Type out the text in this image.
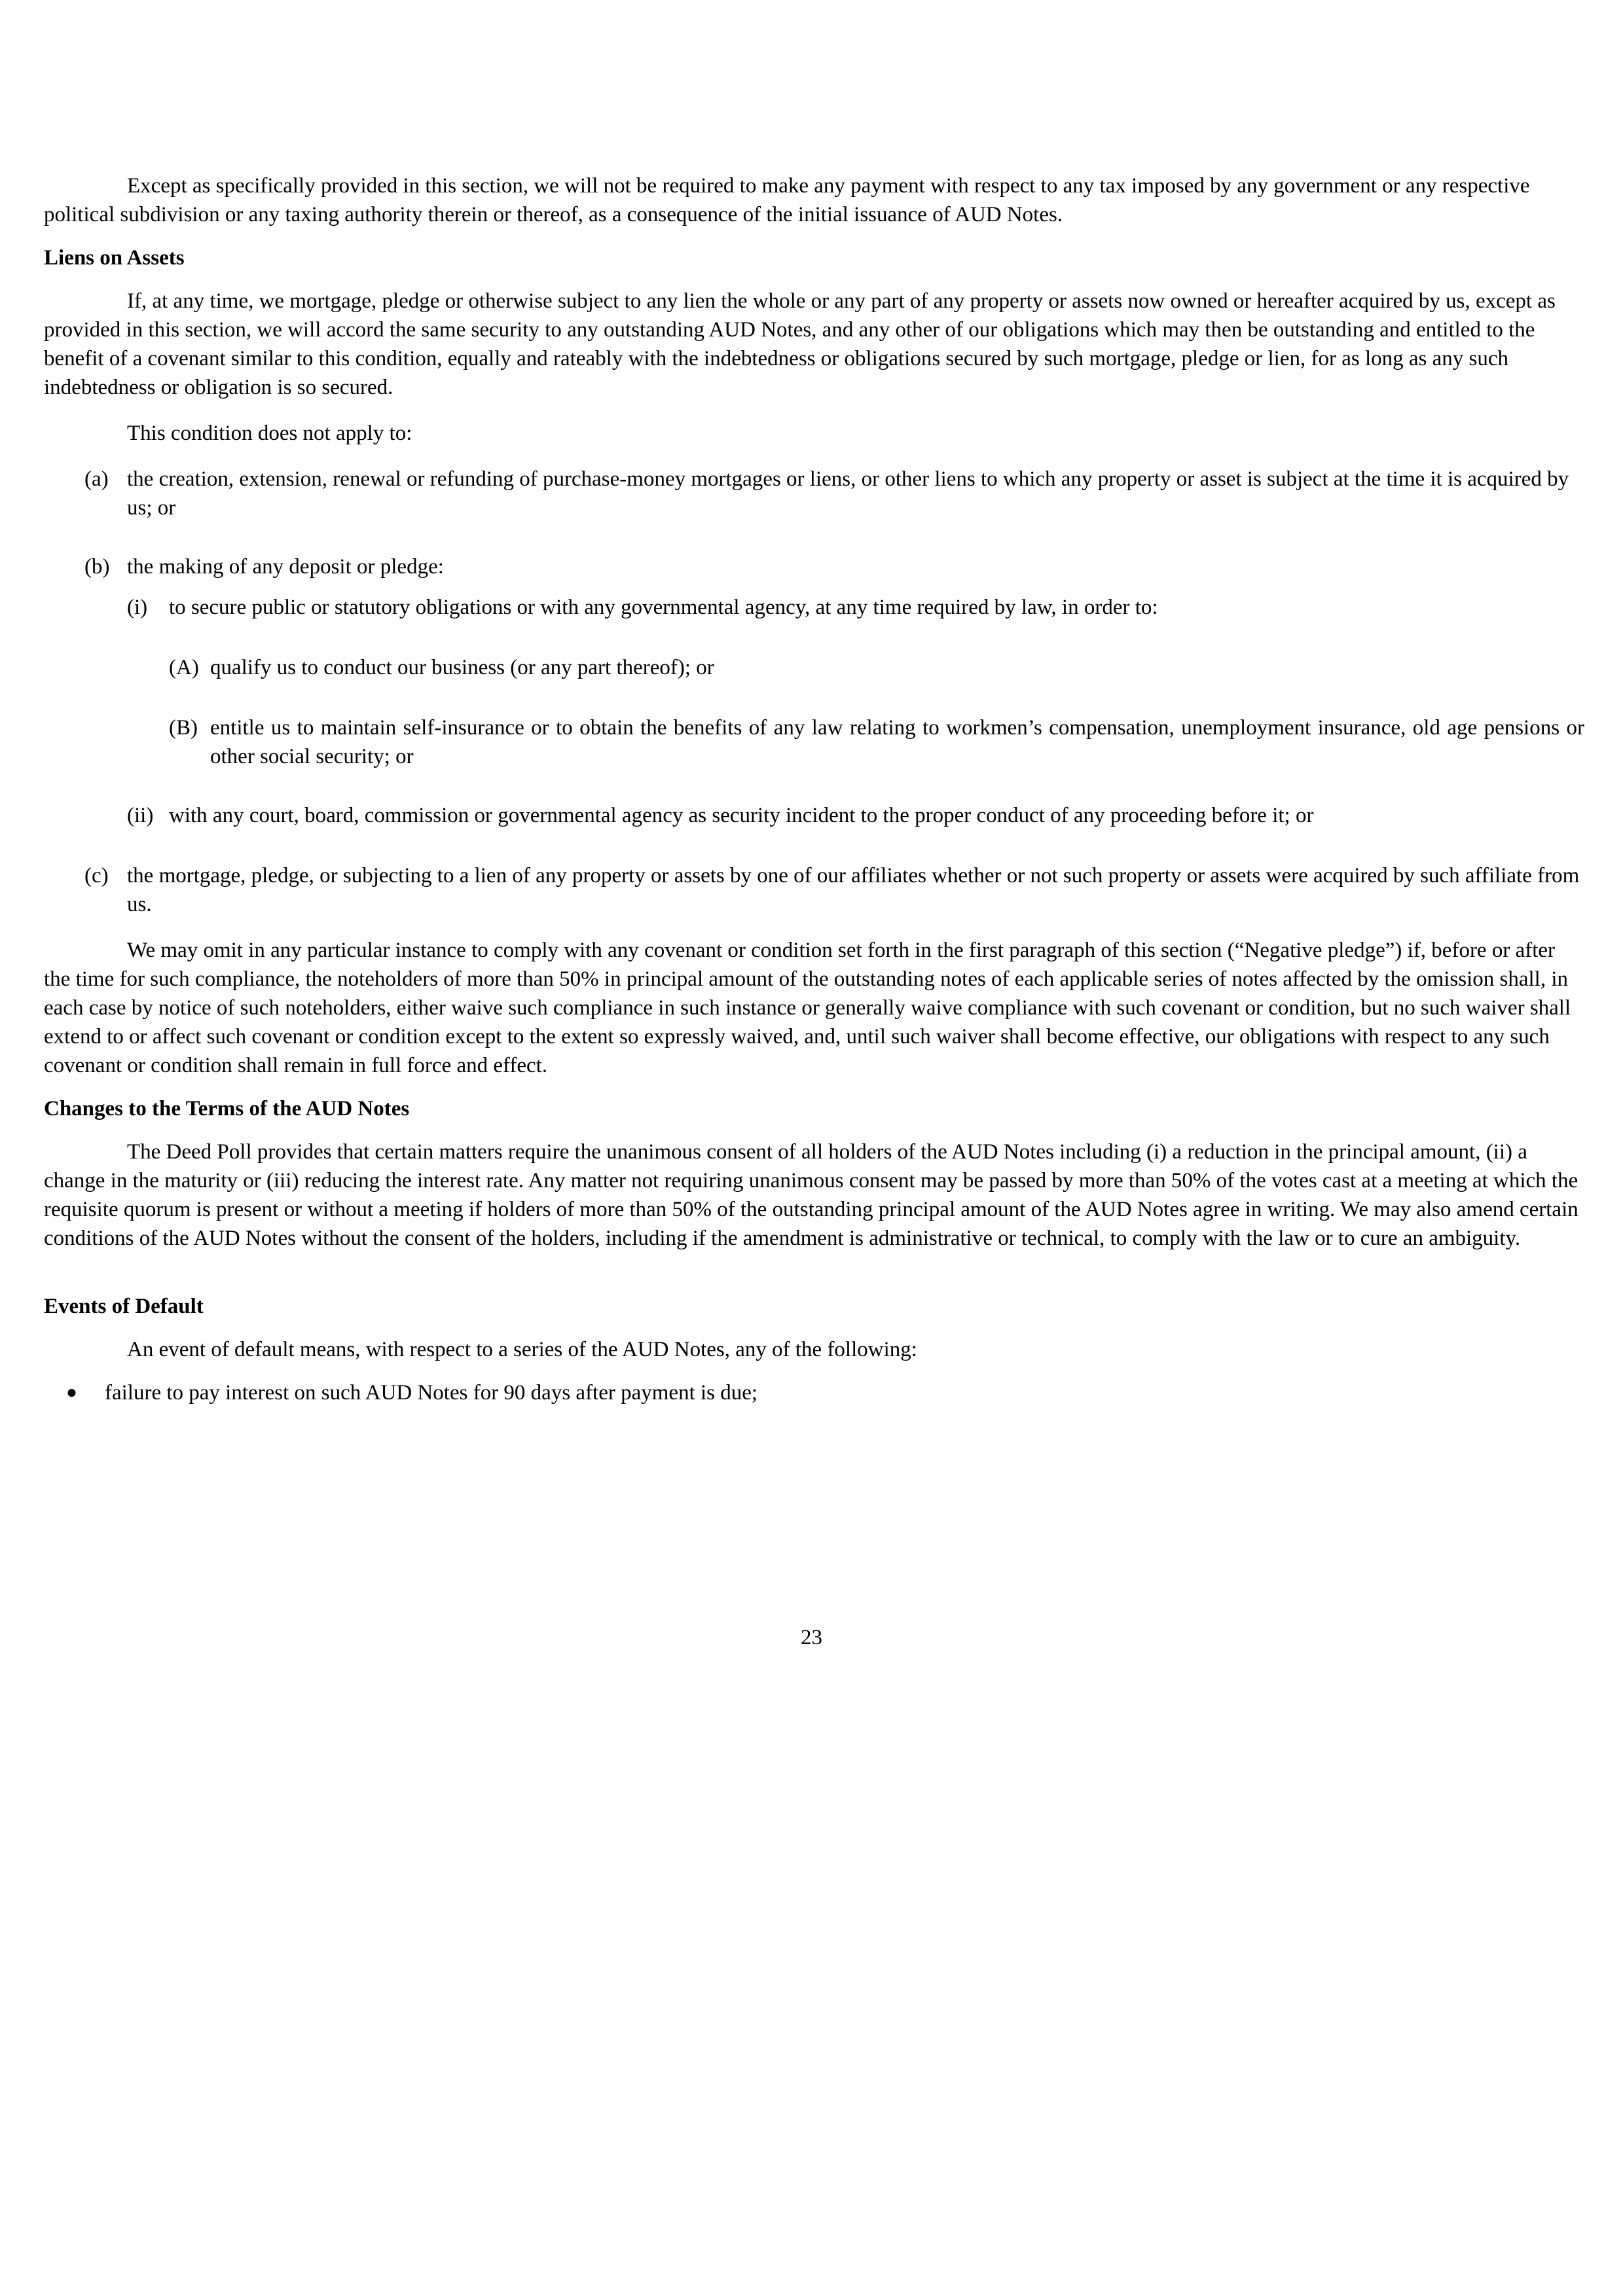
Except as specifically provided in this section, we will not be required to make any payment with respect to any tax imposed by any government or any respective political subdivision or any taxing authority therein or thereof, as a consequence of the initial issuance of AUD Notes.

Liens on Assets

If, at any time, we mortgage, pledge or otherwise subject to any lien the whole or any part of any property or assets now owned or hereafter acquired by us, except as provided in this section, we will accord the same security to any outstanding AUD Notes, and any other of our obligations which may then be outstanding and entitled to the benefit of a covenant similar to this condition, equally and rateably with the indebtedness or obligations secured by such mortgage, pledge or lien, for as long as any such indebtedness or obligation is so secured.

This condition does not apply to:

(a) the creation, extension, renewal or refunding of purchase-money mortgages or liens, or other liens to which any property or asset is subject at the time it is acquired by us; or
(b) the making of any deposit or pledge:
(i) to secure public or statutory obligations or with any governmental agency, at any time required by law, in order to:
(A) qualify us to conduct our business (or any part thereof); or
(B) entitle us to maintain self-insurance or to obtain the benefits of any law relating to workmen’s compensation, unemployment insurance, old age pensions or other social security; or
(ii) with any court, board, commission or governmental agency as security incident to the proper conduct of any proceeding before it; or
(c) the mortgage, pledge, or subjecting to a lien of any property or assets by one of our affiliates whether or not such property or assets were acquired by such affiliate from us.

We may omit in any particular instance to comply with any covenant or condition set forth in the first paragraph of this section (“Negative pledge”) if, before or after the time for such compliance, the noteholders of more than 50% in principal amount of the outstanding notes of each applicable series of notes affected by the omission shall, in each case by notice of such noteholders, either waive such compliance in such instance or generally waive compliance with such covenant or condition, but no such waiver shall extend to or affect such covenant or condition except to the extent so expressly waived, and, until such waiver shall become effective, our obligations with respect to any such covenant or condition shall remain in full force and effect.

Changes to the Terms of the AUD Notes

The Deed Poll provides that certain matters require the unanimous consent of all holders of the AUD Notes including (i) a reduction in the principal amount, (ii) a change in the maturity or (iii) reducing the interest rate. Any matter not requiring unanimous consent may be passed by more than 50% of the votes cast at a meeting at which the requisite quorum is present or without a meeting if holders of more than 50% of the outstanding principal amount of the AUD Notes agree in writing. We may also amend certain conditions of the AUD Notes without the consent of the holders, including if the amendment is administrative or technical, to comply with the law or to cure an ambiguity.

Events of Default

An event of default means, with respect to a series of the AUD Notes, any of the following:

● failure to pay interest on such AUD Notes for 90 days after payment is due;
23
